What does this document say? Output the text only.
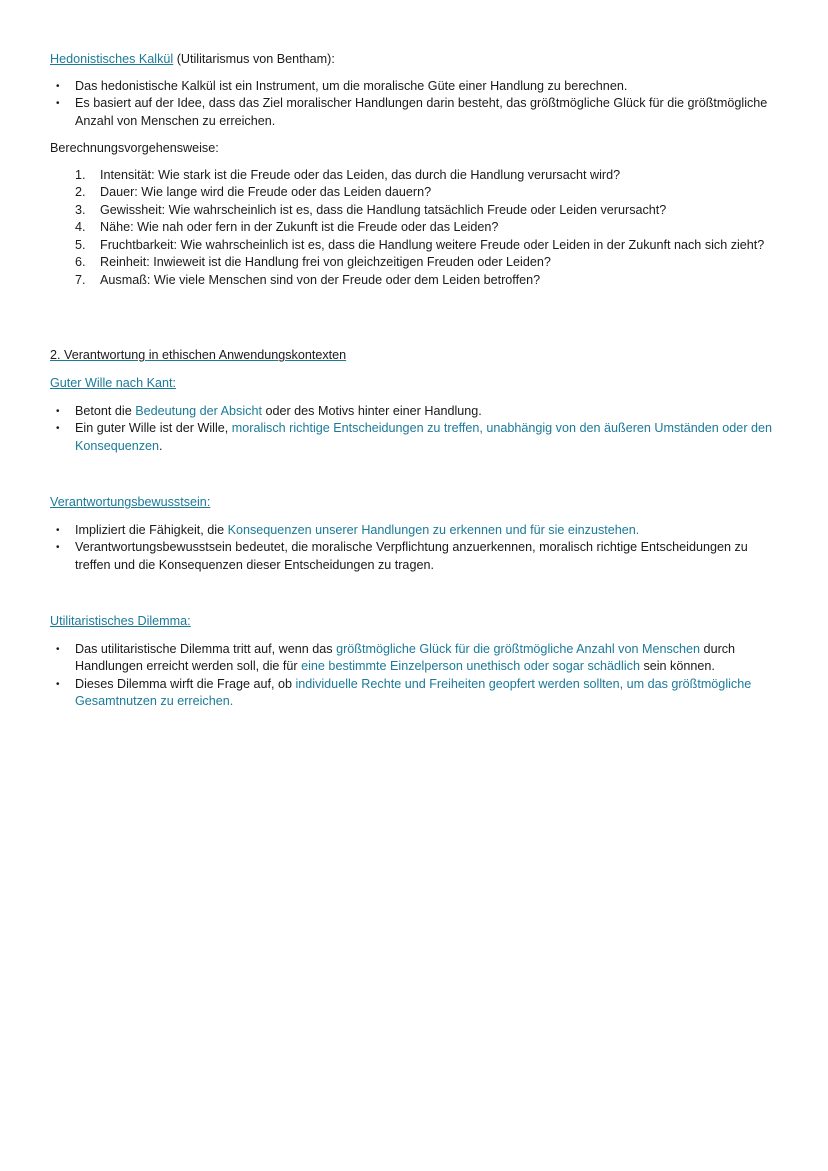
Hedonistisches Kalkül (Utilitarismus von Bentham):

• Das hedonistische Kalkül ist ein Instrument, um die moralische Güte einer Handlung zu berechnen.
• Es basiert auf der Idee, dass das Ziel moralischer Handlungen darin besteht, das größtmögliche Glück für die größtmögliche Anzahl von Menschen zu erreichen.

Berechnungsvorgehensweise:

1. Intensität: Wie stark ist die Freude oder das Leiden, das durch die Handlung verursacht wird?
2. Dauer: Wie lange wird die Freude oder das Leiden dauern?
3. Gewissheit: Wie wahrscheinlich ist es, dass die Handlung tatsächlich Freude oder Leiden verursacht?
4. Nähe: Wie nah oder fern in der Zukunft ist die Freude oder das Leiden?
5. Fruchtbarkeit: Wie wahrscheinlich ist es, dass die Handlung weitere Freude oder Leiden in der Zukunft nach sich zieht?
6. Reinheit: Inwieweit ist die Handlung frei von gleichzeitigen Freuden oder Leiden?
7. Ausmaß: Wie viele Menschen sind von der Freude oder dem Leiden betroffen?

2. Verantwortung in ethischen Anwendungskontexten

Guter Wille nach Kant:

• Betont die Bedeutung der Absicht oder des Motivs hinter einer Handlung.
• Ein guter Wille ist der Wille, moralisch richtige Entscheidungen zu treffen, unabhängig von den äußeren Umständen oder den Konsequenzen.

Verantwortungsbewusstsein:

• Impliziert die Fähigkeit, die Konsequenzen unserer Handlungen zu erkennen und für sie einzustehen.
• Verantwortungsbewusstsein bedeutet, die moralische Verpflichtung anzuerkennen, moralisch richtige Entscheidungen zu treffen und die Konsequenzen dieser Entscheidungen zu tragen.

Utilitaristisches Dilemma:

• Das utilitaristische Dilemma tritt auf, wenn das größtmögliche Glück für die größtmögliche Anzahl von Menschen durch Handlungen erreicht werden soll, die für eine bestimmte Einzelperson unethisch oder sogar schädlich sein können.
• Dieses Dilemma wirft die Frage auf, ob individuelle Rechte und Freiheiten geopfert werden sollten, um das größtmögliche Gesamtnutzen zu erreichen.
